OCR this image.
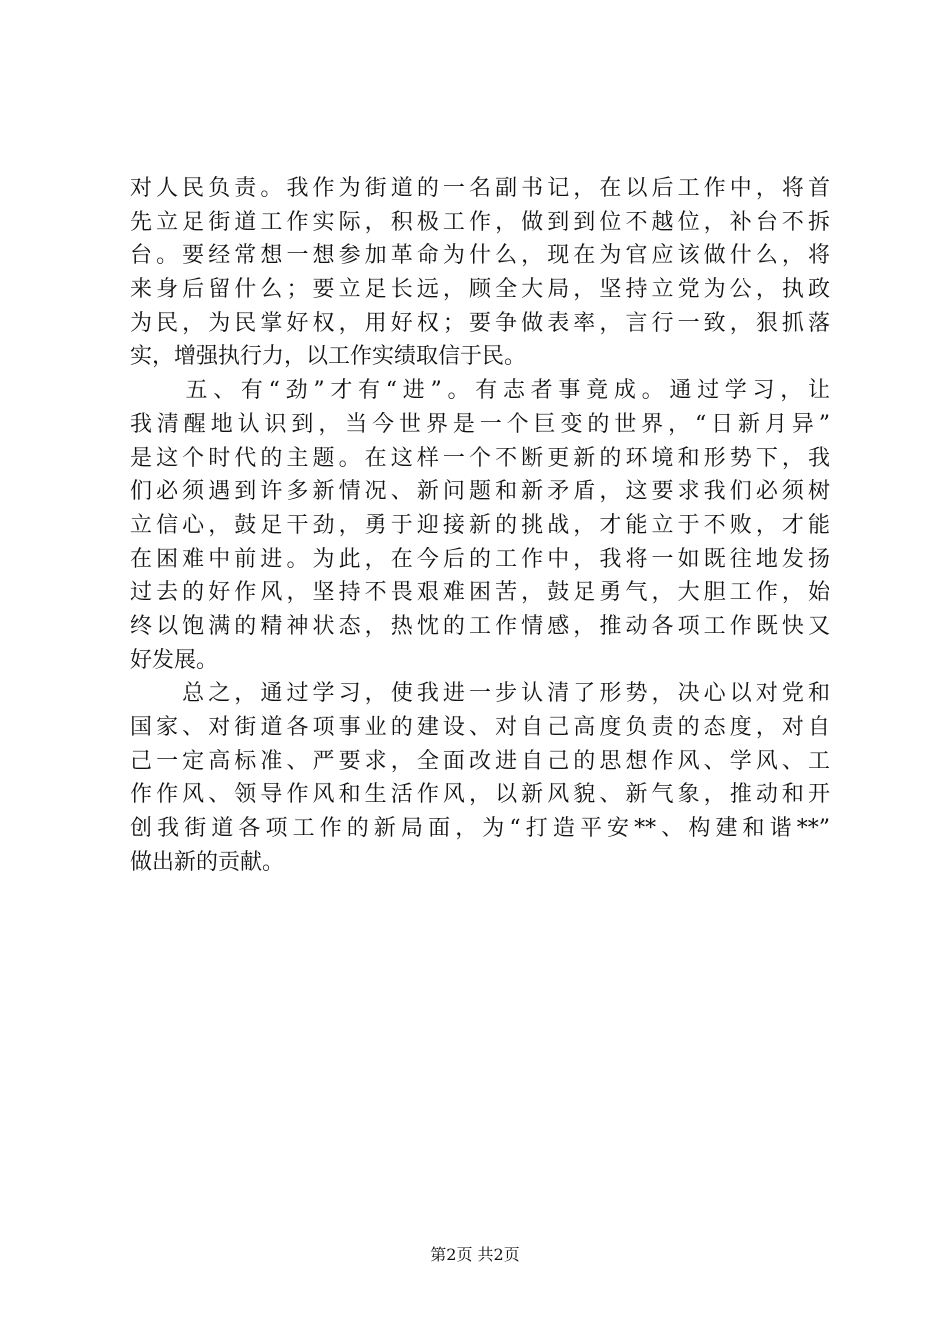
对人民负责。我作为街道的一名副书记，在以后工作中，将首
先立足街道工作实际，积极工作，做到到位不越位，补台不拆
台。要经常想一想参加革命为什么，现在为官应该做什么，将
来身后留什么；要立足长远，顾全大局，坚持立党为公，执政
为民，为民掌好权，用好权；要争做表率，言行一致，狠抓落
实，增强执行力，以工作实绩取信于民。
　　五、有“劲”才有“进”。有志者事竟成。通过学习，让
我清醒地认识到，当今世界是一个巨变的世界，“日新月异”
是这个时代的主题。在这样一个不断更新的环境和形势下，我
们必须遇到许多新情况、新问题和新矛盾，这要求我们必须树
立信心，鼓足干劲，勇于迎接新的挑战，才能立于不败，才能
在困难中前进。为此，在今后的工作中，我将一如既往地发扬
过去的好作风，坚持不畏艰难困苦，鼓足勇气，大胆工作，始
终以饱满的精神状态，热忱的工作情感，推动各项工作既快又
好发展。
　　总之，通过学习，使我进一步认清了形势，决心以对党和
国家、对街道各项事业的建设、对自己高度负责的态度，对自
己一定高标准、严要求，全面改进自己的思想作风、学风、工
作作风、领导作风和生活作风，以新风貌、新气象，推动和开
创我街道各项工作的新局面，为“打造平安**、构建和谐**”
做出新的贡献。
第2页 共2页
